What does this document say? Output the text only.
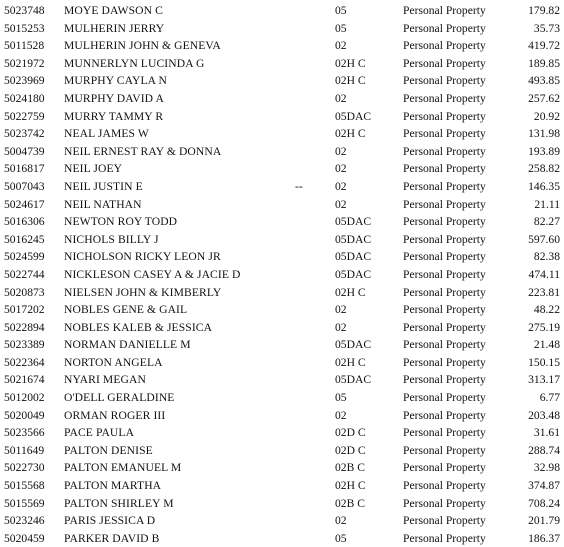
5023748 MOYE DAWSON C	05	Personal Property	179.82
5015253 MULHERIN JERRY	05	Personal Property	35.73
5011528 MULHERIN JOHN & GENEVA	02	Personal Property	419.72
5021972 MUNNERLYN LUCINDA G	02H C	Personal Property	189.85
5023969 MURPHY CAYLA N	02H C	Personal Property	493.85
5024180 MURPHY DAVID A	02	Personal Property	257.62
5022759 MURRY TAMMY R	05DAC	Personal Property	20.92
5023742 NEAL JAMES W	02H C	Personal Property	131.98
5004739 NEIL ERNEST RAY & DONNA	02	Personal Property	193.89
5016817 NEIL JOEY	02	Personal Property	258.82
5007043 NEIL JUSTIN E	--	02	Personal Property	146.35
5024617 NEIL NATHAN	02	Personal Property	21.11
5016306 NEWTON ROY TODD	05DAC	Personal Property	82.27
5016245 NICHOLS BILLY J	05DAC	Personal Property	597.60
5024599 NICHOLSON RICKY LEON JR	05DAC	Personal Property	82.38
5022744 NICKLESON CASEY A & JACIE D	05DAC	Personal Property	474.11
5020873 NIELSEN JOHN & KIMBERLY	02H C	Personal Property	223.81
5017202 NOBLES GENE & GAIL	02	Personal Property	48.22
5022894 NOBLES KALEB & JESSICA	02	Personal Property	275.19
5023389 NORMAN DANIELLE M	05DAC	Personal Property	21.48
5022364 NORTON ANGELA	02H C	Personal Property	150.15
5021674 NYARI MEGAN	05DAC	Personal Property	313.17
5012002 O'DELL GERALDINE	05	Personal Property	6.77
5020049 ORMAN ROGER III	02	Personal Property	203.48
5023566 PACE PAULA	02D C	Personal Property	31.61
5011649 PALTON DENISE	02D C	Personal Property	288.74
5022730 PALTON EMANUEL M	02B C	Personal Property	32.98
5015568 PALTON MARTHA	02H C	Personal Property	374.87
5015569 PALTON SHIRLEY M	02B C	Personal Property	708.24
5023246 PARIS JESSICA D	02	Personal Property	201.79
5020459 PARKER DAVID B	05	Personal Property	186.37
